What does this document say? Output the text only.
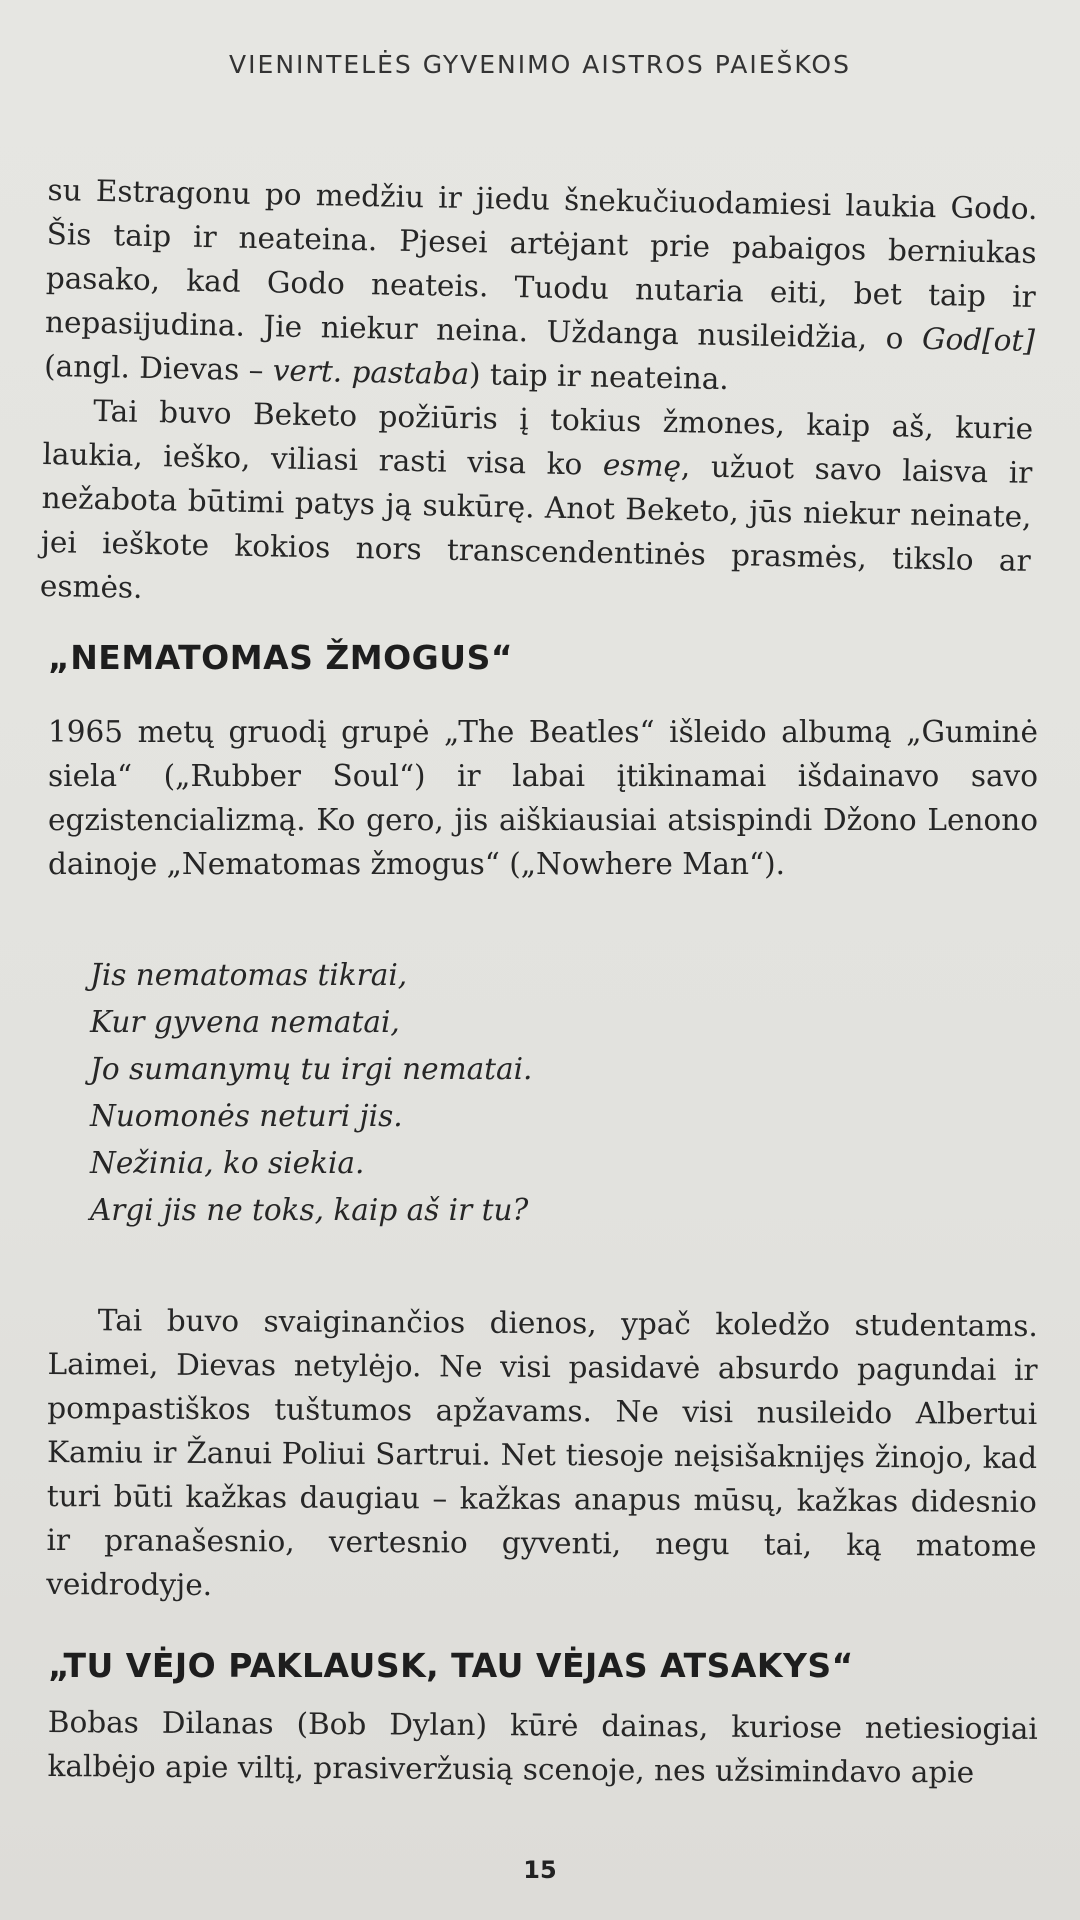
VIENINTELĖS GYVENIMO AISTROS PAIEŠKOS

su Estragonu po medžiu ir jiedu šnekučiuodamiesi laukia Godo. Šis taip ir neateina. Pjesei artėjant prie pabaigos berniukas pasako, kad Godo neateis. Tuodu nutaria eiti, bet taip ir nepasijudina. Jie niekur neina. Uždanga nusileidžia, o God[ot] (angl. Dievas – vert. pastaba) taip ir neateina.

Tai buvo Beketo požiūris į tokius žmones, kaip aš, kurie laukia, ieško, viliasi rasti visa ko esmę, užuot savo laisva ir nežabota būtimi patys ją sukūrę. Anot Beketo, jūs niekur neinate, jei ieškote kokios nors transcendentinės prasmės, tikslo ar esmės.

„NEMATOMAS ŽMOGUS“

1965 metų gruodį grupė „The Beatles“ išleido albumą „Guminė siela“ („Rubber Soul“) ir labai įtikinamai išdainavo savo egzistencializmą. Ko gero, jis aiškiausiai atsispindi Džono Lenono dainoje „Nematomas žmogus“ („Nowhere Man“).

Jis nematomas tikrai,
Kur gyvena nematai,
Jo sumanymų tu irgi nematai.
Nuomonės neturi jis.
Nežinia, ko siekia.
Argi jis ne toks, kaip aš ir tu?

Tai buvo svaiginančios dienos, ypač koledžo studentams. Laimei, Dievas netylėjo. Ne visi pasidavė absurdo pagundai ir pompastiškos tuštumos apžavams. Ne visi nusileido Albertui Kamiu ir Žanui Poliui Sartrui. Net tiesoje neįsišaknijęs žinojo, kad turi būti kažkas daugiau – kažkas anapus mūsų, kažkas didesnio ir pranašesnio, vertesnio gyventi, negu tai, ką matome veidrodyje.

„TU VĖJO PAKLAUSK, TAU VĖJAS ATSAKYS“

Bobas Dilanas (Bob Dylan) kūrė dainas, kuriose netiesiogiai kalbėjo apie viltį, prasiveržusią scenoje, nes užsimindavo apie

15
